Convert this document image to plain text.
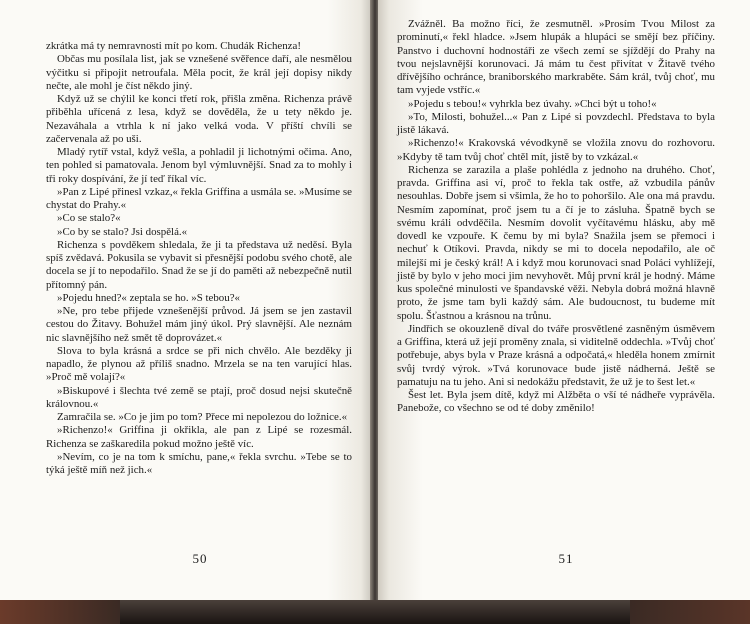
zkrátka má ty nemravnosti mít po kom. Chudák Richenza!

Občas mu posílala list, jak se vznešené svěřence daří, ale nesmělou výčitku si připojit netroufala. Měla pocit, že král její dopisy nikdy nečte, ale mohl je číst někdo jiný.

Když už se chýlil ke konci třetí rok, přišla změna. Richenza právě přiběhla uřícená z lesa, když se dověděla, že u tety někdo je. Nezaváhala a vtrhla k ní jako velká voda. V příští chvíli se začervenala až po uši.

Mladý rytíř vstal, když vešla, a pohladil ji lichotnými očima. Ano, ten pohled si pamatovala. Jenom byl výmluvnější. Snad za to mohly i tři roky dospívání, že jí teď říkal víc.

»Pan z Lipé přinesl vzkaz,« řekla Griffina a usmála se. »Musíme se chystat do Prahy.«

»Co se stalo?«

»Co by se stalo? Jsi dospělá.«

Richenza s povděkem shledala, že ji ta představa už neděsí. Byla spíš zvědavá. Pokusila se vybavit si přesnější podobu svého chotě, ale docela se jí to nepodařilo. Snad že se jí do paměti až nebezpečně nutil přítomný pán.

»Pojedu hned?« zeptala se ho. »S tebou?«

»Ne, pro tebe přijede vznešenější průvod. Já jsem se jen zastavil cestou do Žitavy. Bohužel mám jiný úkol. Prý slavnější. Ale neznám nic slavnějšího než smět tě doprovázet.«

Slova to byla krásná a srdce se při nich chvělo. Ale bezděky ji napadlo, že plynou až příliš snadno. Mrzela se na ten varující hlas. »Proč mě volají?«

»Biskupové i šlechta tvé země se ptají, proč dosud nejsi skutečně královnou.«

Zamračila se. »Co je jim po tom? Přece mi nepolezou do ložnice.«

»Richenzo!« Griffina ji okřikla, ale pan z Lipé se rozesmál. Richenza se zaškaredila pokud možno ještě víc.

»Nevím, co je na tom k smíchu, pane,« řekla svrchu. »Tebe se to týká ještě míň než jich.«

50

Zvážněl. Ba možno říci, že zesmutněl. »Prosím Tvou Milost za prominutí,« řekl hladce. »Jsem hlupák a hlupáci se smějí bez příčiny. Panstvo i duchovní hodnostáři ze všech zemí se sjíždějí do Prahy na tvou nejslavnější korunovaci. Já mám tu čest přivítat v Žitavě tvého dřívějšího ochránce, braniborského markraběte. Sám král, tvůj choť, mu tam vyjede vstříc.«

»Pojedu s tebou!« vyhrkla bez úvahy. »Chci být u toho!«

»To, Milosti, bohužel...« Pan z Lipé si povzdechl. Představa to byla jistě lákavá.

»Richenzo!« Krakovská vévodkyně se vložila znovu do rozhovoru. »Kdyby tě tam tvůj choť chtěl mít, jistě by to vzkázal.«

Richenza se zarazila a plaše pohlédla z jednoho na druhého. Choť, pravda. Griffina asi ví, proč to řekla tak ostře, až vzbudila pánův nesouhlas. Dobře jsem si všimla, že ho to pohoršilo. Ale ona má pravdu. Nesmím zapomínat, proč jsem tu a čí je to zásluha. Špatně bych se svému králi odvděčila. Nesmím dovolit vyčítavému hlásku, aby mě dovedl ke vzpouře. K čemu by mi byla? Snažila jsem se přemoci i nechuť k Otíkovi. Pravda, nikdy se mi to docela nepodařilo, ale oč milejší mi je český král! A i když mou korunovaci snad Poláci vyhlížejí, jistě by bylo v jeho moci jim nevyhovět. Můj první král je hodný. Máme kus společné minulosti ve špandavské věži. Nebyla dobrá možná hlavně proto, že jsme tam byli každý sám. Ale budoucnost, tu budeme mít spolu. Šťastnou a krásnou na trůnu.

Jindřich se okouzleně díval do tváře prosvětlené zasněným úsměvem a Griffina, která už její proměny znala, si viditelně oddechla. »Tvůj choť potřebuje, abys byla v Praze krásná a odpočatá,« hleděla honem zmírnit svůj tvrdý výrok. »Tvá korunovace bude jistě nádherná. Ještě se pamatuju na tu jeho. Ani si nedokážu představit, že už je to šest let.«

Šest let. Byla jsem dítě, když mi Alžběta o vší té nádheře vyprávěla. Panebože, co všechno se od té doby změnilo!

51
